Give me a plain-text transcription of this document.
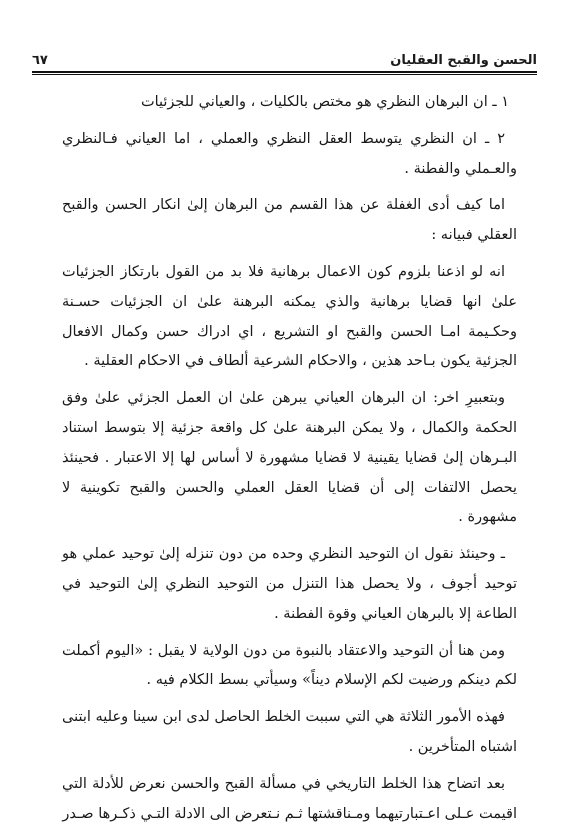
الحسن والقبح العقليان
٦٧

١ ـ ان البرهان النظري هو مختص بالكليات ، والعياني للجزئيات

٢ ـ ان النظري يتوسط العقل النظري والعملي ، اما العياني فـالنظري والعـملي والفطنة .

اما كيف أدى الغفلة عن هذا القسم من البرهان إلىٰ انكار الحسن والقبح العقلي فبيانه :

انه لو اذعنا بلزوم كون الاعمال برهانية فلا بد من القول بارتكاز الجزئيات علىٰ انها قضايا برهانية والذي يمكنه البرهنة علىٰ ان الجزئيات حسـنة وحكـيمة امـا الحسن والقبح او التشريع ، اي ادراك حسن وكمال الافعال الجزئية يكون بـاحد هذين ، والاحكام الشرعية ألطاف في الاحكام العقلية .

وبتعبيرِ اخر: ان البرهان العياني يبرهن علىٰ ان العمل الجزئي علىٰ وفق الحكمة والكمال ، ولا يمكن البرهنة علىٰ كل واقعة جزئية إلا بتوسط استناد البـرهان إلىٰ قضايا يقينية لا قضايا مشهورة لا أساس لها إلا الاعتبار . فحينئذ يحصل الالتفات إلى أن قضايا العقل العملي والحسن والقبح تكوينية لا مشهورة .

ـ وحينئذ نقول ان التوحيد النظري وحده من دون تنزله إلىٰ توحيد عملي هو توحيد أجوف ، ولا يحصل هذا التنزل من التوحيد النظري إلىٰ التوحيد في الطاعة إلا بالبرهان العياني وقوة الفطنة .

ومن هنا أن التوحيد والاعتقاد بالنبوة من دون الولاية لا يقبل : «اليوم أكملت لكم دينكم ورضيت لكم الإسلام ديناً» وسيأتي بسط الكلام فيه .

فهذه الأمور الثلاثة هي التي سببت الخلط الحاصل لدى ابن سينا وعليه ابتنى اشتباه المتأخرين .

بعد اتضاح هذا الخلط التاريخي في مسألة القبح والحسن نعرض للأدلة التي اقيمت عـلى اعـتبارتيهما ومـناقشتها ثـم نـتعرض الى الادلة التـي ذكـرها صـدر
